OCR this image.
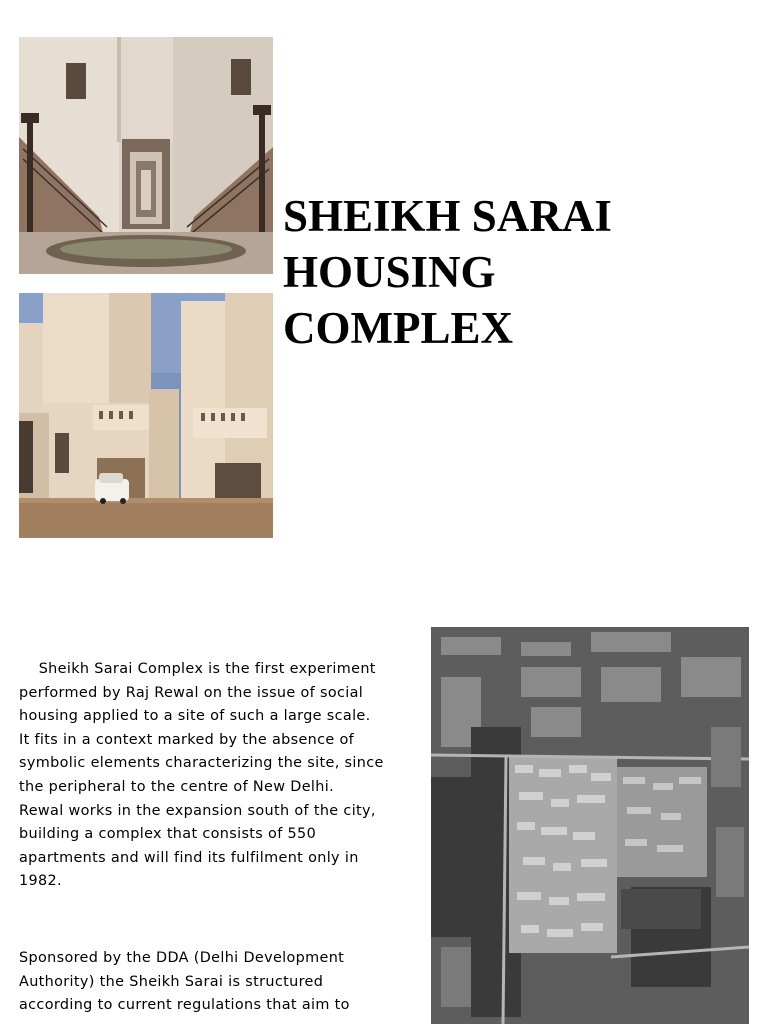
SHEIKH SARAI
HOUSING
COMPLEX
Sheikh Sarai Complex is the first experiment
performed by Raj Rewal on the issue of social
housing applied to a site of such a large scale.
It fits in a context marked by the absence of
symbolic elements characterizing the site, since
the peripheral to the centre of New Delhi.
Rewal works in the expansion south of the city,
building a complex that consists of 550
apartments and will find its fulfilment only in
1982.
Sponsored by the DDA (Delhi Development
Authority) the Sheikh Sarai is structured
according to current regulations that aim to
